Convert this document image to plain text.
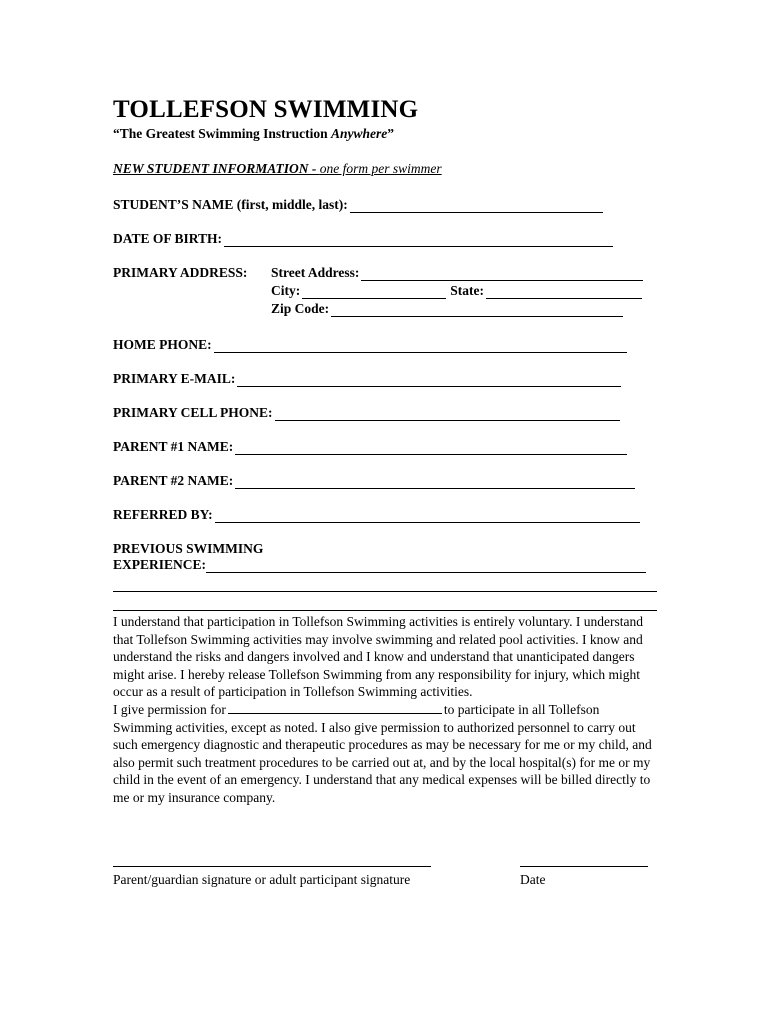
TOLLEFSON SWIMMING
“The Greatest Swimming Instruction Anywhere”
NEW STUDENT INFORMATION - one form per swimmer
STUDENT’S NAME (first, middle, last):
DATE OF BIRTH:
PRIMARY ADDRESS:	Street Address:
City:	State:
Zip Code:
HOME PHONE:
PRIMARY E-MAIL:
PRIMARY CELL PHONE:
PARENT #1 NAME:
PARENT #2 NAME:
REFERRED BY:
PREVIOUS SWIMMING
EXPERIENCE:
I understand that participation in Tollefson Swimming activities is entirely voluntary. I understand that Tollefson Swimming activities may involve swimming and related pool activities. I know and understand the risks and dangers involved and I know and understand that unanticipated dangers might arise. I hereby release Tollefson Swimming from any responsibility for injury, which might occur as a result of participation in Tollefson Swimming activities.
I give permission for	to participate in all Tollefson Swimming activities, except as noted. I also give permission to authorized personnel to carry out such emergency diagnostic and therapeutic procedures as may be necessary for me or my child, and also permit such treatment procedures to be carried out at, and by the local hospital(s) for me or my child in the event of an emergency. I understand that any medical expenses will be billed directly to me or my insurance company.
Parent/guardian signature or adult participant signature	Date
